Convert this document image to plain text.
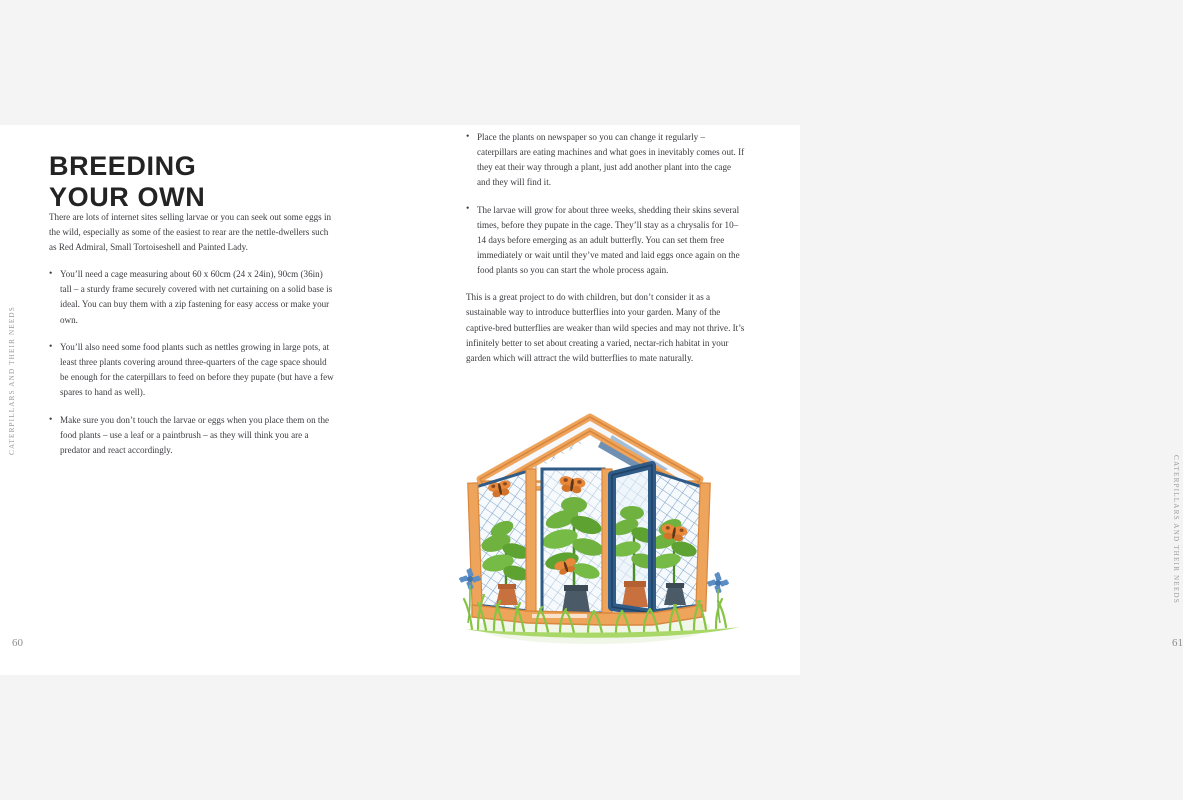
CATERPILLARS AND THEIR NEEDS
60
BREEDING
YOUR OWN

There are lots of internet sites selling larvae or you can seek out some eggs in the wild, especially as some of the easiest to rear are the nettle-dwellers such as Red Admiral, Small Tortoiseshell and Painted Lady.

• You’ll need a cage measuring about 60 x 60cm (24 x 24in), 90cm (36in) tall – a sturdy frame securely covered with net curtaining on a solid base is ideal. You can buy them with a zip fastening for easy access or make your own.
• You’ll also need some food plants such as nettles growing in large pots, at least three plants covering around three-quarters of the cage space should be enough for the caterpillars to feed on before they pupate (but have a few spares to hand as well).
• Make sure you don’t touch the larvae or eggs when you place them on the food plants – use a leaf or a paintbrush – as they will think you are a predator and react accordingly.
CATERPILLARS AND THEIR NEEDS
61
• Place the plants on newspaper so you can change it regularly – caterpillars are eating machines and what goes in inevitably comes out. If they eat their way through a plant, just add another plant into the cage and they will find it.
• The larvae will grow for about three weeks, shedding their skins several times, before they pupate in the cage. They’ll stay as a chrysalis for 10–14 days before emerging as an adult butterfly. You can set them free immediately or wait until they’ve mated and laid eggs once again on the food plants so you can start the whole process again.

This is a great project to do with children, but don’t consider it as a sustainable way to introduce butterflies into your garden. Many of the captive-bred butterflies are weaker than wild species and may not thrive. It’s infinitely better to set about creating a varied, nectar-rich habitat in your garden which will attract the wild butterflies to mate naturally.
